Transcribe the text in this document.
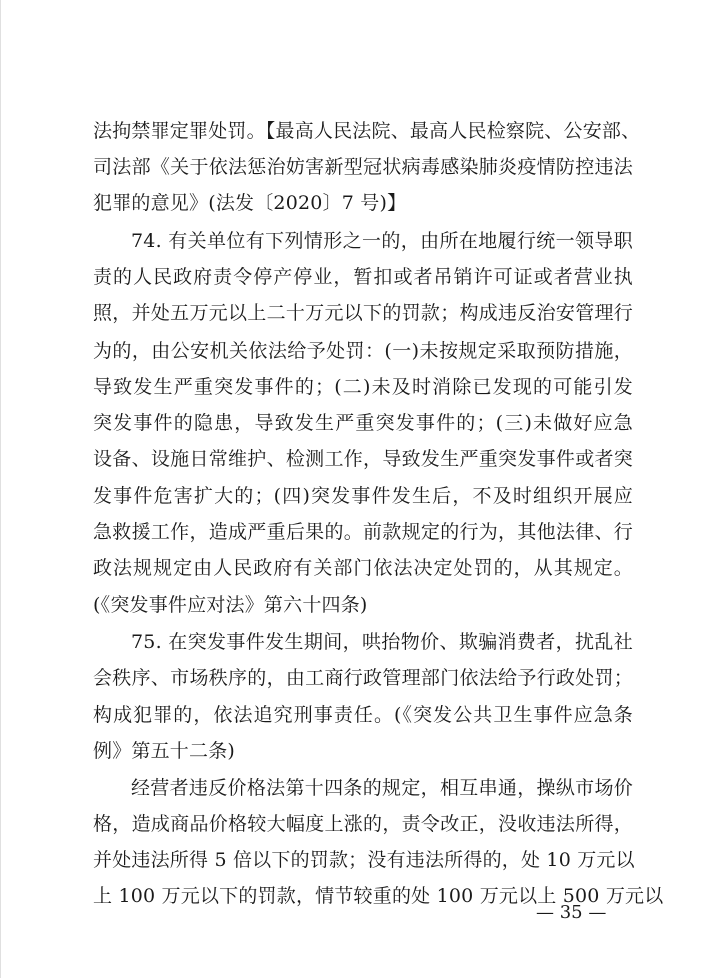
法拘禁罪定罪处罚。【最高人民法院、最高人民检察院、公安部、
司法部《关于依法惩治妨害新型冠状病毒感染肺炎疫情防控违法
犯罪的意见》(法发〔2020〕7 号)】
74. 有关单位有下列情形之一的，由所在地履行统一领导职
责的人民政府责令停产停业，暂扣或者吊销许可证或者营业执
照，并处五万元以上二十万元以下的罚款；构成违反治安管理行
为的，由公安机关依法给予处罚：(一)未按规定采取预防措施，
导致发生严重突发事件的；(二)未及时消除已发现的可能引发
突发事件的隐患，导致发生严重突发事件的；(三)未做好应急
设备、设施日常维护、检测工作，导致发生严重突发事件或者突
发事件危害扩大的；(四)突发事件发生后，不及时组织开展应
急救援工作，造成严重后果的。前款规定的行为，其他法律、行
政法规规定由人民政府有关部门依法决定处罚的，从其规定。
(《突发事件应对法》第六十四条)
75. 在突发事件发生期间，哄抬物价、欺骗消费者，扰乱社
会秩序、市场秩序的，由工商行政管理部门依法给予行政处罚；
构成犯罪的，依法追究刑事责任。(《突发公共卫生事件应急条
例》第五十二条)
经营者违反价格法第十四条的规定，相互串通，操纵市场价
格，造成商品价格较大幅度上涨的，责令改正，没收违法所得，
并处违法所得 5 倍以下的罚款；没有违法所得的，处 10 万元以
上 100 万元以下的罚款，情节较重的处 100 万元以上 500 万元以
— 35 —
